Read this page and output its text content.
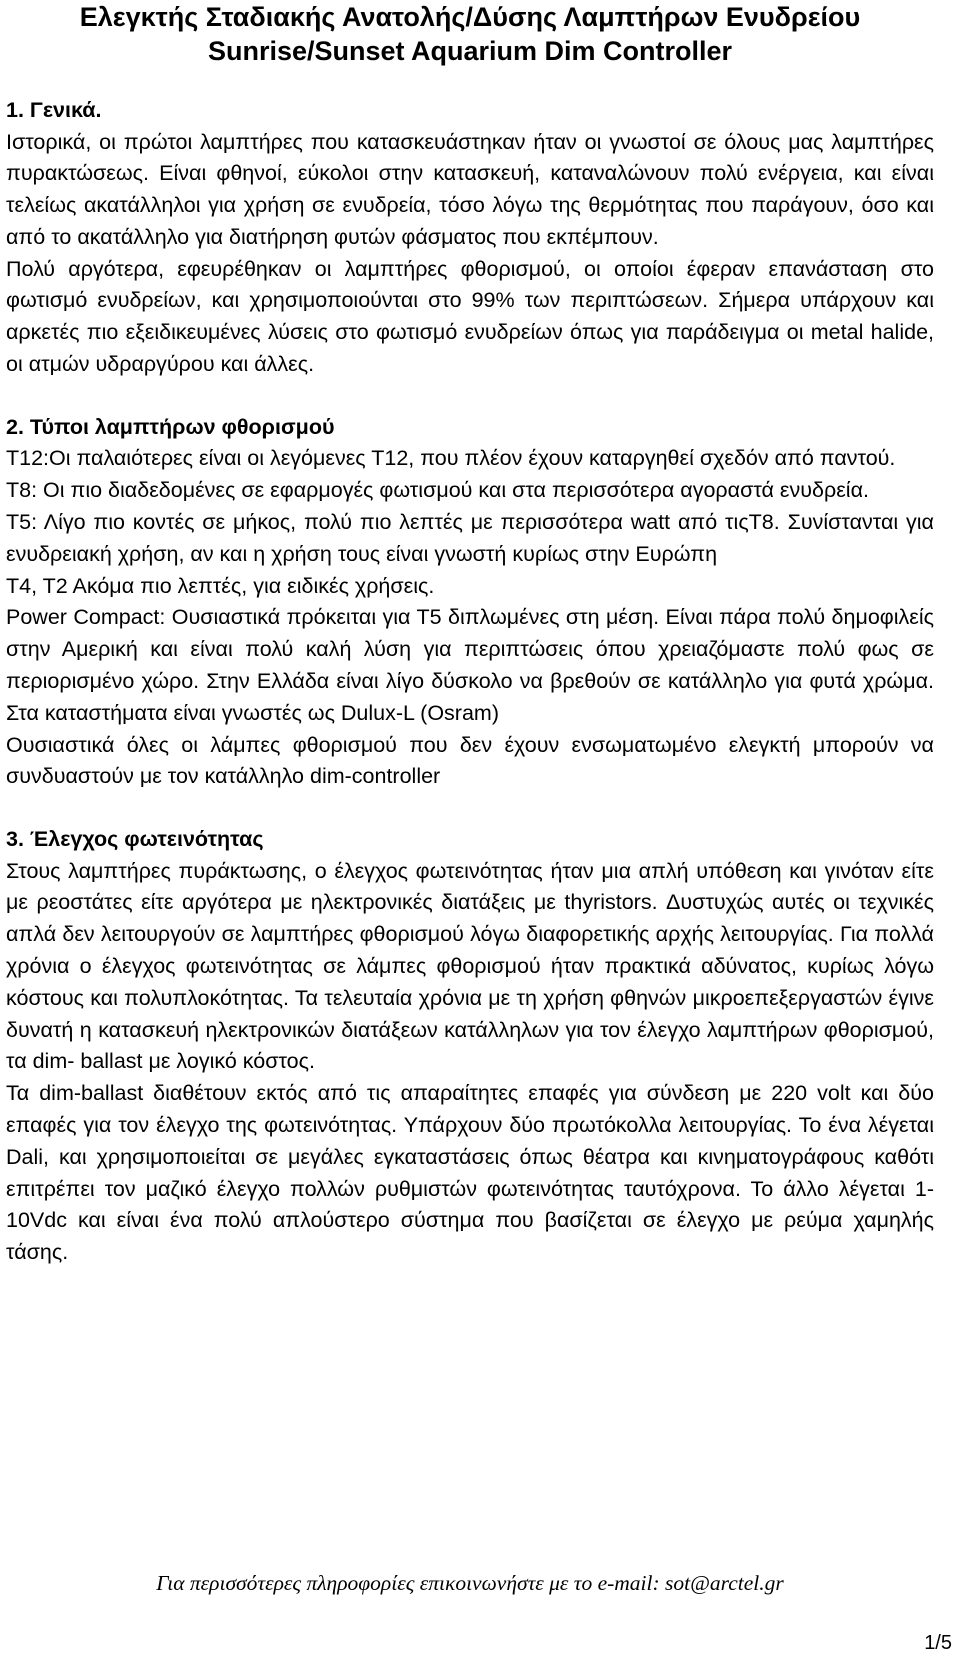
Ελεγκτής Σταδιακής Ανατολής/Δύσης Λαμπτήρων Ενυδρείου
Sunrise/Sunset Aquarium Dim Controller

1. Γενικά.

Ιστορικά, οι πρώτοι λαμπτήρες που κατασκευάστηκαν ήταν οι γνωστοί σε όλους μας λαμπτήρες πυρακτώσεως. Είναι φθηνοί, εύκολοι στην κατασκευή, καταναλώνουν πολύ ενέργεια, και είναι τελείως ακατάλληλοι για χρήση σε ενυδρεία, τόσο λόγω της θερμότητας που παράγουν, όσο και από το ακατάλληλο για διατήρηση φυτών φάσματος που εκπέμπουν.

Πολύ αργότερα, εφευρέθηκαν οι λαμπτήρες φθορισμού, οι οποίοι έφεραν επανάσταση στο φωτισμό ενυδρείων, και χρησιμοποιούνται στο 99% των περιπτώσεων. Σήμερα υπάρχουν και αρκετές πιο εξειδικευμένες λύσεις στο φωτισμό ενυδρείων όπως για παράδειγμα οι metal halide, οι ατμών υδραργύρου και άλλες.

2. Τύποι λαμπτήρων φθορισμού

Τ12:Οι παλαιότερες είναι οι λεγόμενες Τ12, που πλέον έχουν καταργηθεί σχεδόν από παντού.

Τ8: Οι πιο διαδεδομένες σε εφαρμογές φωτισμού και στα περισσότερα αγοραστά ενυδρεία.

Τ5: Λίγο πιο κοντές σε μήκος, πολύ πιο λεπτές με περισσότερα watt από τιςΤ8. Συνίστανται για ενυδρειακή χρήση, αν και η χρήση τους είναι γνωστή κυρίως στην Ευρώπη

Τ4, Τ2 Ακόμα πιο λεπτές, για ειδικές χρήσεις.

Power Compact: Ουσιαστικά πρόκειται για Τ5 διπλωμένες στη μέση. Είναι πάρα πολύ δημοφιλείς στην Αμερική και είναι πολύ καλή λύση για περιπτώσεις όπου χρειαζόμαστε πολύ φως σε περιορισμένο χώρο. Στην Ελλάδα είναι λίγο δύσκολο να βρεθούν σε κατάλληλο για φυτά χρώμα. Στα καταστήματα είναι γνωστές ως Dulux-L (Osram)

Ουσιαστικά όλες οι λάμπες φθορισμού που δεν έχουν ενσωματωμένο ελεγκτή μπορούν να συνδυαστούν με τον κατάλληλο dim-controller

3. Έλεγχος φωτεινότητας

Στους λαμπτήρες πυράκτωσης, ο έλεγχος φωτεινότητας ήταν μια απλή υπόθεση και γινόταν είτε με ρεοστάτες είτε αργότερα με ηλεκτρονικές διατάξεις με thyristors. Δυστυχώς αυτές οι τεχνικές απλά δεν λειτουργούν σε λαμπτήρες φθορισμού λόγω διαφορετικής αρχής λειτουργίας. Για πολλά χρόνια ο έλεγχος φωτεινότητας σε λάμπες φθορισμού ήταν πρακτικά αδύνατος, κυρίως λόγω κόστους και πολυπλοκότητας. Τα τελευταία χρόνια με τη χρήση φθηνών μικροεπεξεργαστών έγινε δυνατή η κατασκευή ηλεκτρονικών διατάξεων κατάλληλων για τον έλεγχο λαμπτήρων φθορισμού, τα dim- ballast με λογικό κόστος.

Τα dim-ballast διαθέτουν εκτός από τις απαραίτητες επαφές για σύνδεση με 220 volt και δύο επαφές για τον έλεγχο της φωτεινότητας. Υπάρχουν δύο πρωτόκολλα λειτουργίας. Το ένα λέγεται Dali, και χρησιμοποιείται σε μεγάλες εγκαταστάσεις όπως θέατρα και κινηματογράφους καθότι επιτρέπει τον μαζικό έλεγχο πολλών ρυθμιστών φωτεινότητας ταυτόχρονα. Το άλλο λέγεται 1-10Vdc και είναι ένα πολύ απλούστερο σύστημα που βασίζεται σε έλεγχο με ρεύμα χαμηλής τάσης.

Για περισσότερες πληροφορίες επικοινωνήστε με το e-mail: sot@arctel.gr
1/5
